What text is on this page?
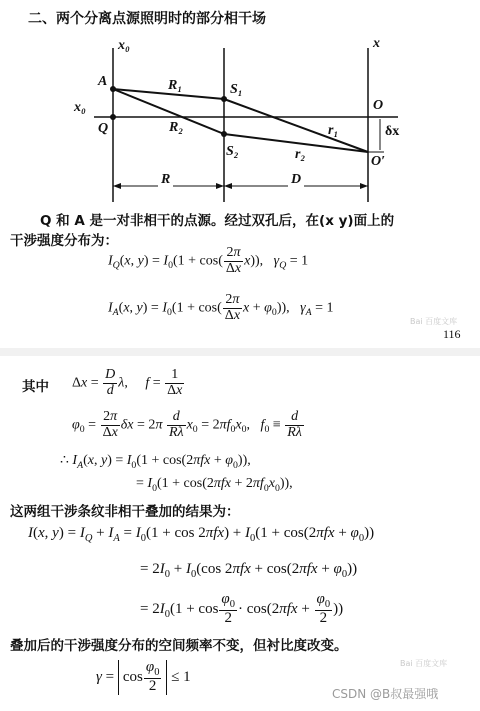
二、两个分离点源照明时的部分相干场
x₀	x
A
Q
x₀
R₁
R₂
S₁
S₂
O
O′
r₁
r₂
δx
R	D
Q 和 A 是一对非相干的点源。经过双孔后，在(x y)面上的
干涉强度分布为：
$I_Q(x$, $y) = I_0(1 + \cos( \frac{2\pi}{\Delta x} x))$,   $\gamma_Q = 1$
$I_A(x$, $y) = I_0(1 + \cos( \frac{2\pi}{\Delta x}$ $x + \varphi_0$)),   $\gamma_A = 1$
Bai 百度文库
116
其中 $\Delta x = \frac{D}{d} \lambda$,     $f = \frac{1}{\Delta x}$
$\varphi_0 = \frac{2\pi}{\Delta x}$ $\delta x = 2\pi \frac{d}{R\lambda} x_0 = 2\pi f_0x_0$,   $f_0 \equiv \frac{d}{R\lambda}$
∴ $I_A(x$, $y) = I_0(1 + \cos(2\pi fx + \varphi_0))$,
= $I_0(1 + \cos(2\pi fx + 2\pi f_0x_0))$,
这两组干涉条纹非相干叠加的结果为：
I(x, $y) = I_Q + I_A = I_0(1 + \cos 2\pi fx) + I_0(1 + \cos(2\pi fx + \varphi_0))$
= $2I_0 + I_0(\cos$ $2\pi fx + \cos(2\pi fx + \varphi_0)$)
= $2I_0(1 + \cos \frac{\varphi_0}{2} \cdot \cos(2\pi fx + \frac{\varphi_0}{2}$ ))
叠加后的干涉强度分布的空间频率不变，但衬比度改变。
$\gamma = \cos \frac{\varphi_0}{2} \le 1$
Bai 百度文库
CSDN @B叔最强哦
